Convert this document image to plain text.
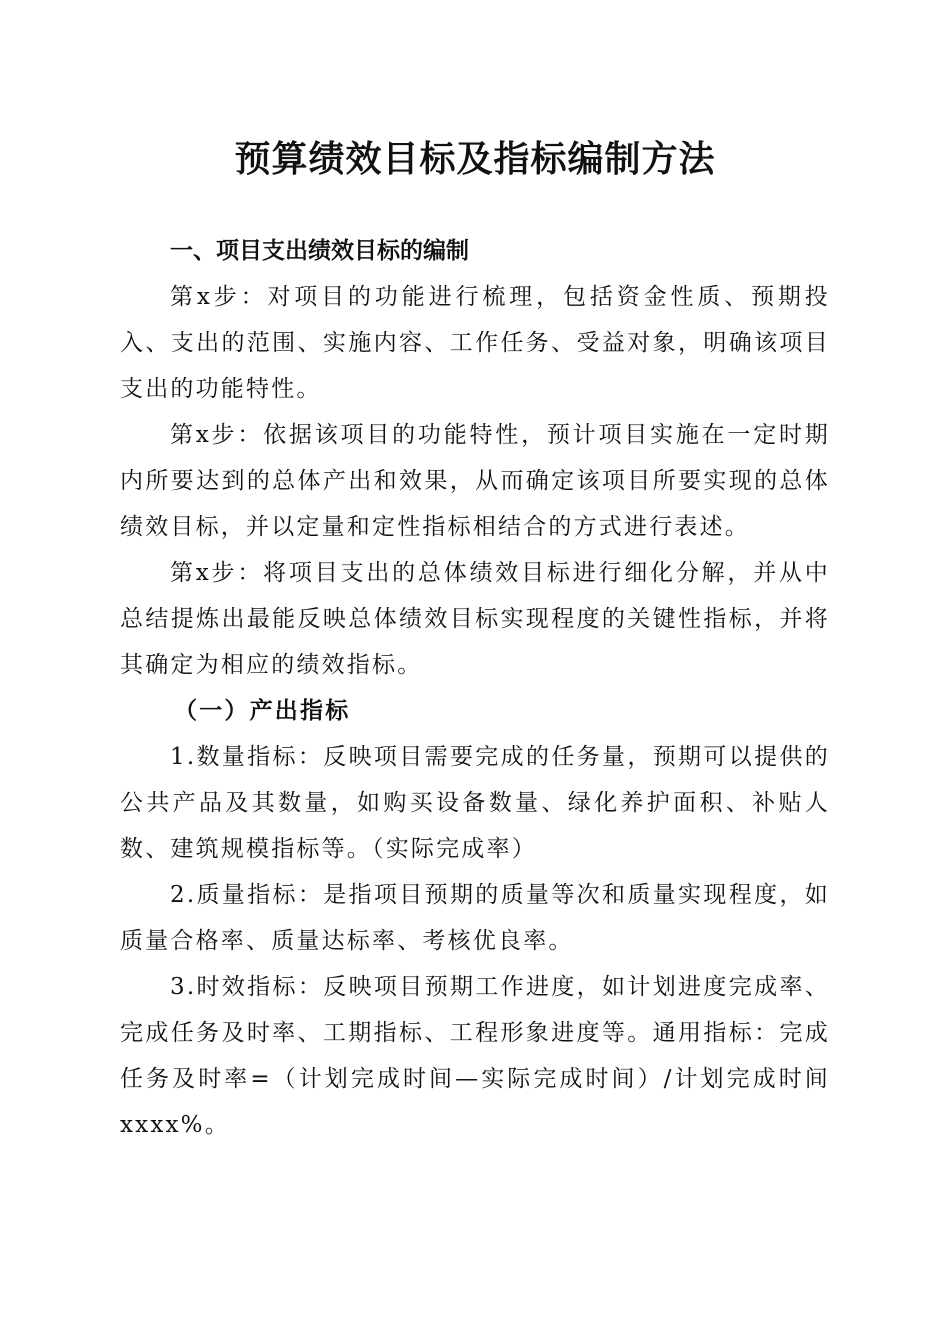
预算绩效目标及指标编制方法

一、项目支出绩效目标的编制

第x步：对项目的功能进行梳理，包括资金性质、预期投入、支出的范围、实施内容、工作任务、受益对象，明确该项目支出的功能特性。

第x步：依据该项目的功能特性，预计项目实施在一定时期内所要达到的总体产出和效果，从而确定该项目所要实现的总体绩效目标，并以定量和定性指标相结合的方式进行表述。

第x步：将项目支出的总体绩效目标进行细化分解，并从中总结提炼出最能反映总体绩效目标实现程度的关键性指标，并将其确定为相应的绩效指标。

（一）产出指标

1.数量指标：反映项目需要完成的任务量，预期可以提供的公共产品及其数量，如购买设备数量、绿化养护面积、补贴人数、建筑规模指标等。（实际完成率）

2.质量指标：是指项目预期的质量等次和质量实现程度，如质量合格率、质量达标率、考核优良率。

3.时效指标：反映项目预期工作进度，如计划进度完成率、完成任务及时率、工期指标、工程形象进度等。通用指标：完成任务及时率=（计划完成时间—实际完成时间）/计划完成时间xxxx%。
